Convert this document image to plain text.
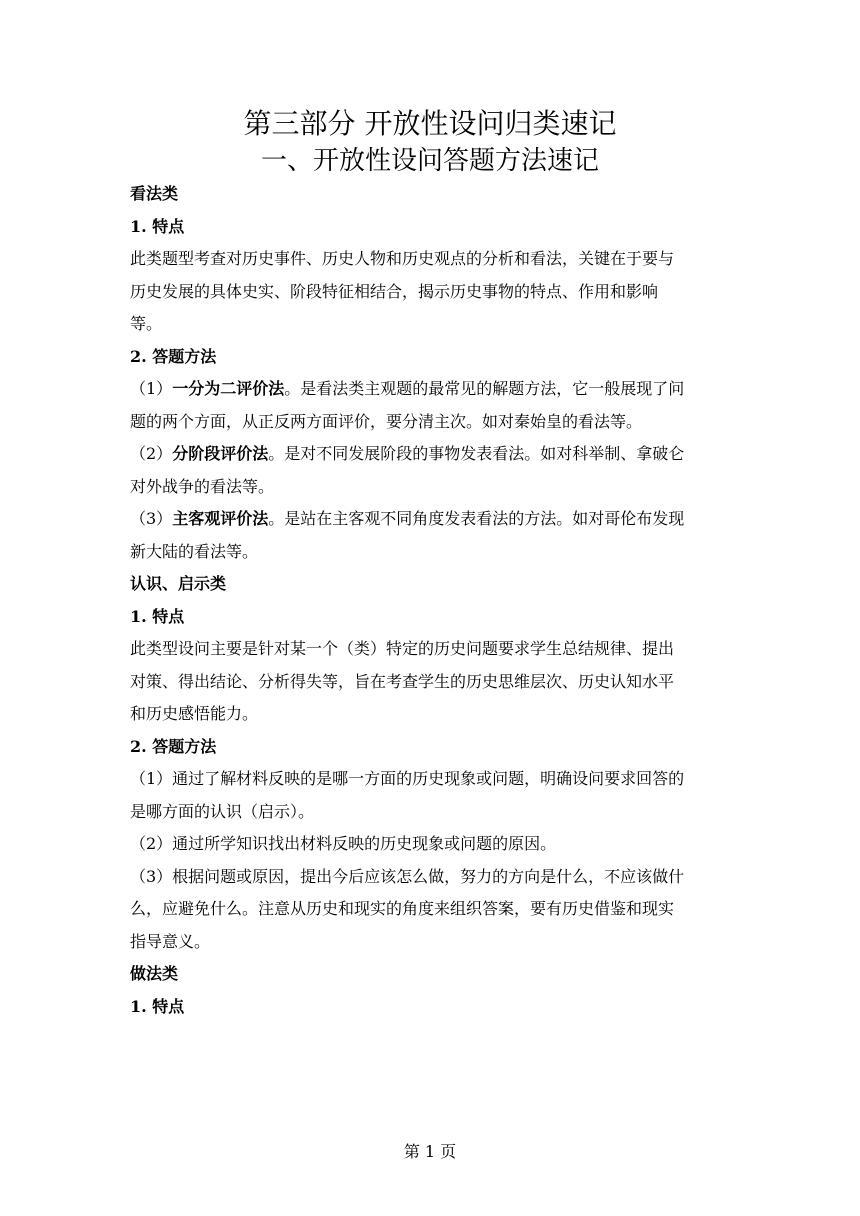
第三部分 开放性设问归类速记
一、开放性设问答题方法速记
看法类
1. 特点
此类题型考查对历史事件、历史人物和历史观点的分析和看法，关键在于要与
历史发展的具体史实、阶段特征相结合，揭示历史事物的特点、作用和影响
等。
2. 答题方法
（1）一分为二评价法。是看法类主观题的最常见的解题方法，它一般展现了问
题的两个方面，从正反两方面评价，要分清主次。如对秦始皇的看法等。
（2）分阶段评价法。是对不同发展阶段的事物发表看法。如对科举制、拿破仑
对外战争的看法等。
（3）主客观评价法。是站在主客观不同角度发表看法的方法。如对哥伦布发现
新大陆的看法等。
认识、启示类
1. 特点
此类型设问主要是针对某一个（类）特定的历史问题要求学生总结规律、提出
对策、得出结论、分析得失等，旨在考查学生的历史思维层次、历史认知水平
和历史感悟能力。
2. 答题方法
（1）通过了解材料反映的是哪一方面的历史现象或问题，明确设问要求回答的
是哪方面的认识（启示）。
（2）通过所学知识找出材料反映的历史现象或问题的原因。
（3）根据问题或原因，提出今后应该怎么做，努力的方向是什么，不应该做什
么，应避免什么。注意从历史和现实的角度来组织答案，要有历史借鉴和现实
指导意义。
做法类
1. 特点
第 1 页
